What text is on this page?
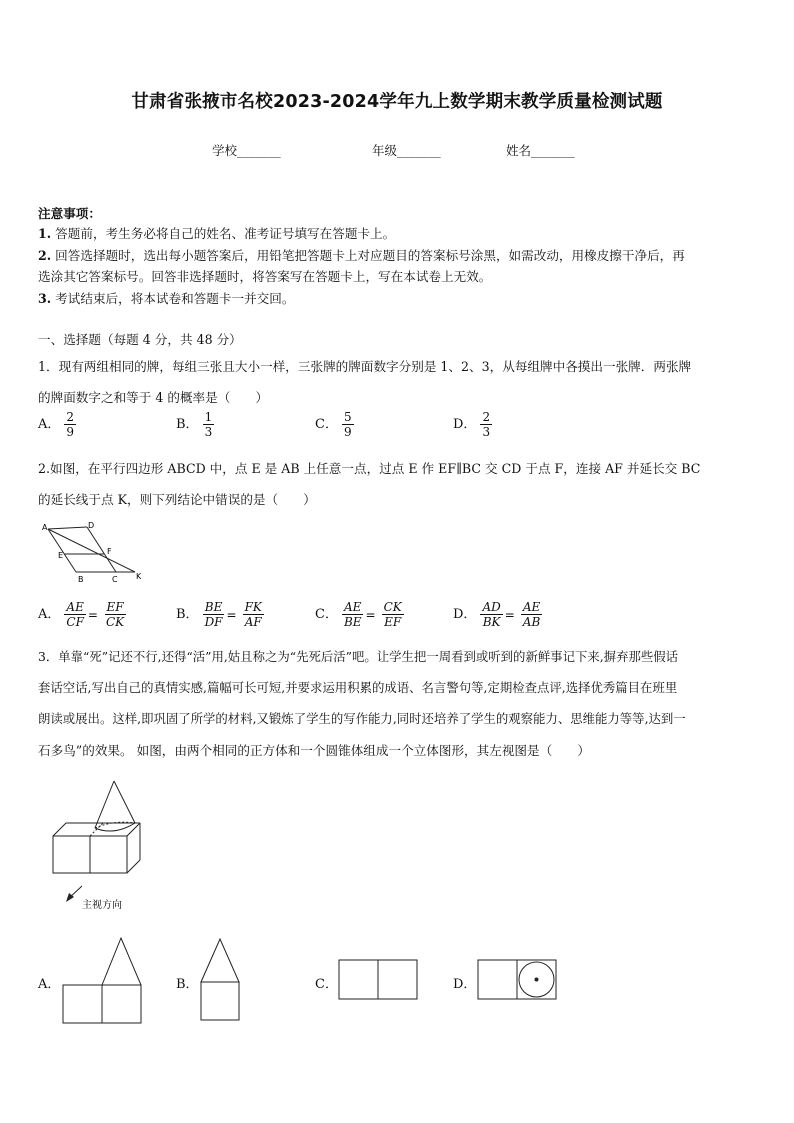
甘肃省张掖市名校2023-2024学年九上数学期末教学质量检测试题
学校_______	年级_______	姓名_______
注意事项：
1. 答题前，考生务必将自己的姓名、准考证号填写在答题卡上。
2. 回答选择题时，选出每小题答案后，用铅笔把答题卡上对应题目的答案标号涂黑，如需改动，用橡皮擦干净后，再
选涂其它答案标号。回答非选择题时，将答案写在答题卡上，写在本试卷上无效。
3. 考试结束后，将本试卷和答题卡一并交回。
一、选择题（每题 4 分，共 48 分）
1．现有两组相同的牌，每组三张且大小一样，三张牌的牌面数字分别是 1、2、3，从每组牌中各摸出一张牌．两张牌
的牌面数字之和等于 4 的概率是（　　）
A． $\frac{2}{9}$	B． $\frac{1}{3}$	C． $\frac{5}{9}$	D． $\frac{2}{3}$
2.如图，在平行四边形 ABCD 中，点 E 是 AB 上任意一点，过点 E 作 EF∥BC 交 CD 于点 F，连接 AF 并延长交 BC
的延长线于点 K，则下列结论中错误的是（　　）
A	D
E	F
B	C K
A． $\frac{AE}{CF} = \frac{EF}{CK}$	B． $\frac{BE}{DF} = \frac{FK}{AF}$	C． $\frac{AE}{BE} = \frac{CK}{EF}$	D． $\frac{AD}{BK} = \frac{AE}{AB}$
3．单靠“死”记还不行,还得“活”用,姑且称之为“先死后活”吧。让学生把一周看到或听到的新鲜事记下来,摒弃那些假话
套话空话,写出自己的真情实感,篇幅可长可短,并要求运用积累的成语、名言警句等,定期检查点评,选择优秀篇目在班里
朗读或展出。这样,即巩固了所学的材料,又锻炼了学生的写作能力,同时还培养了学生的观察能力、思维能力等等,达到一
石多鸟”的效果。 如图，由两个相同的正方体和一个圆锥体组成一个立体图形，其左视图是（　　）
主视方向
A．	B．	C．	D．
